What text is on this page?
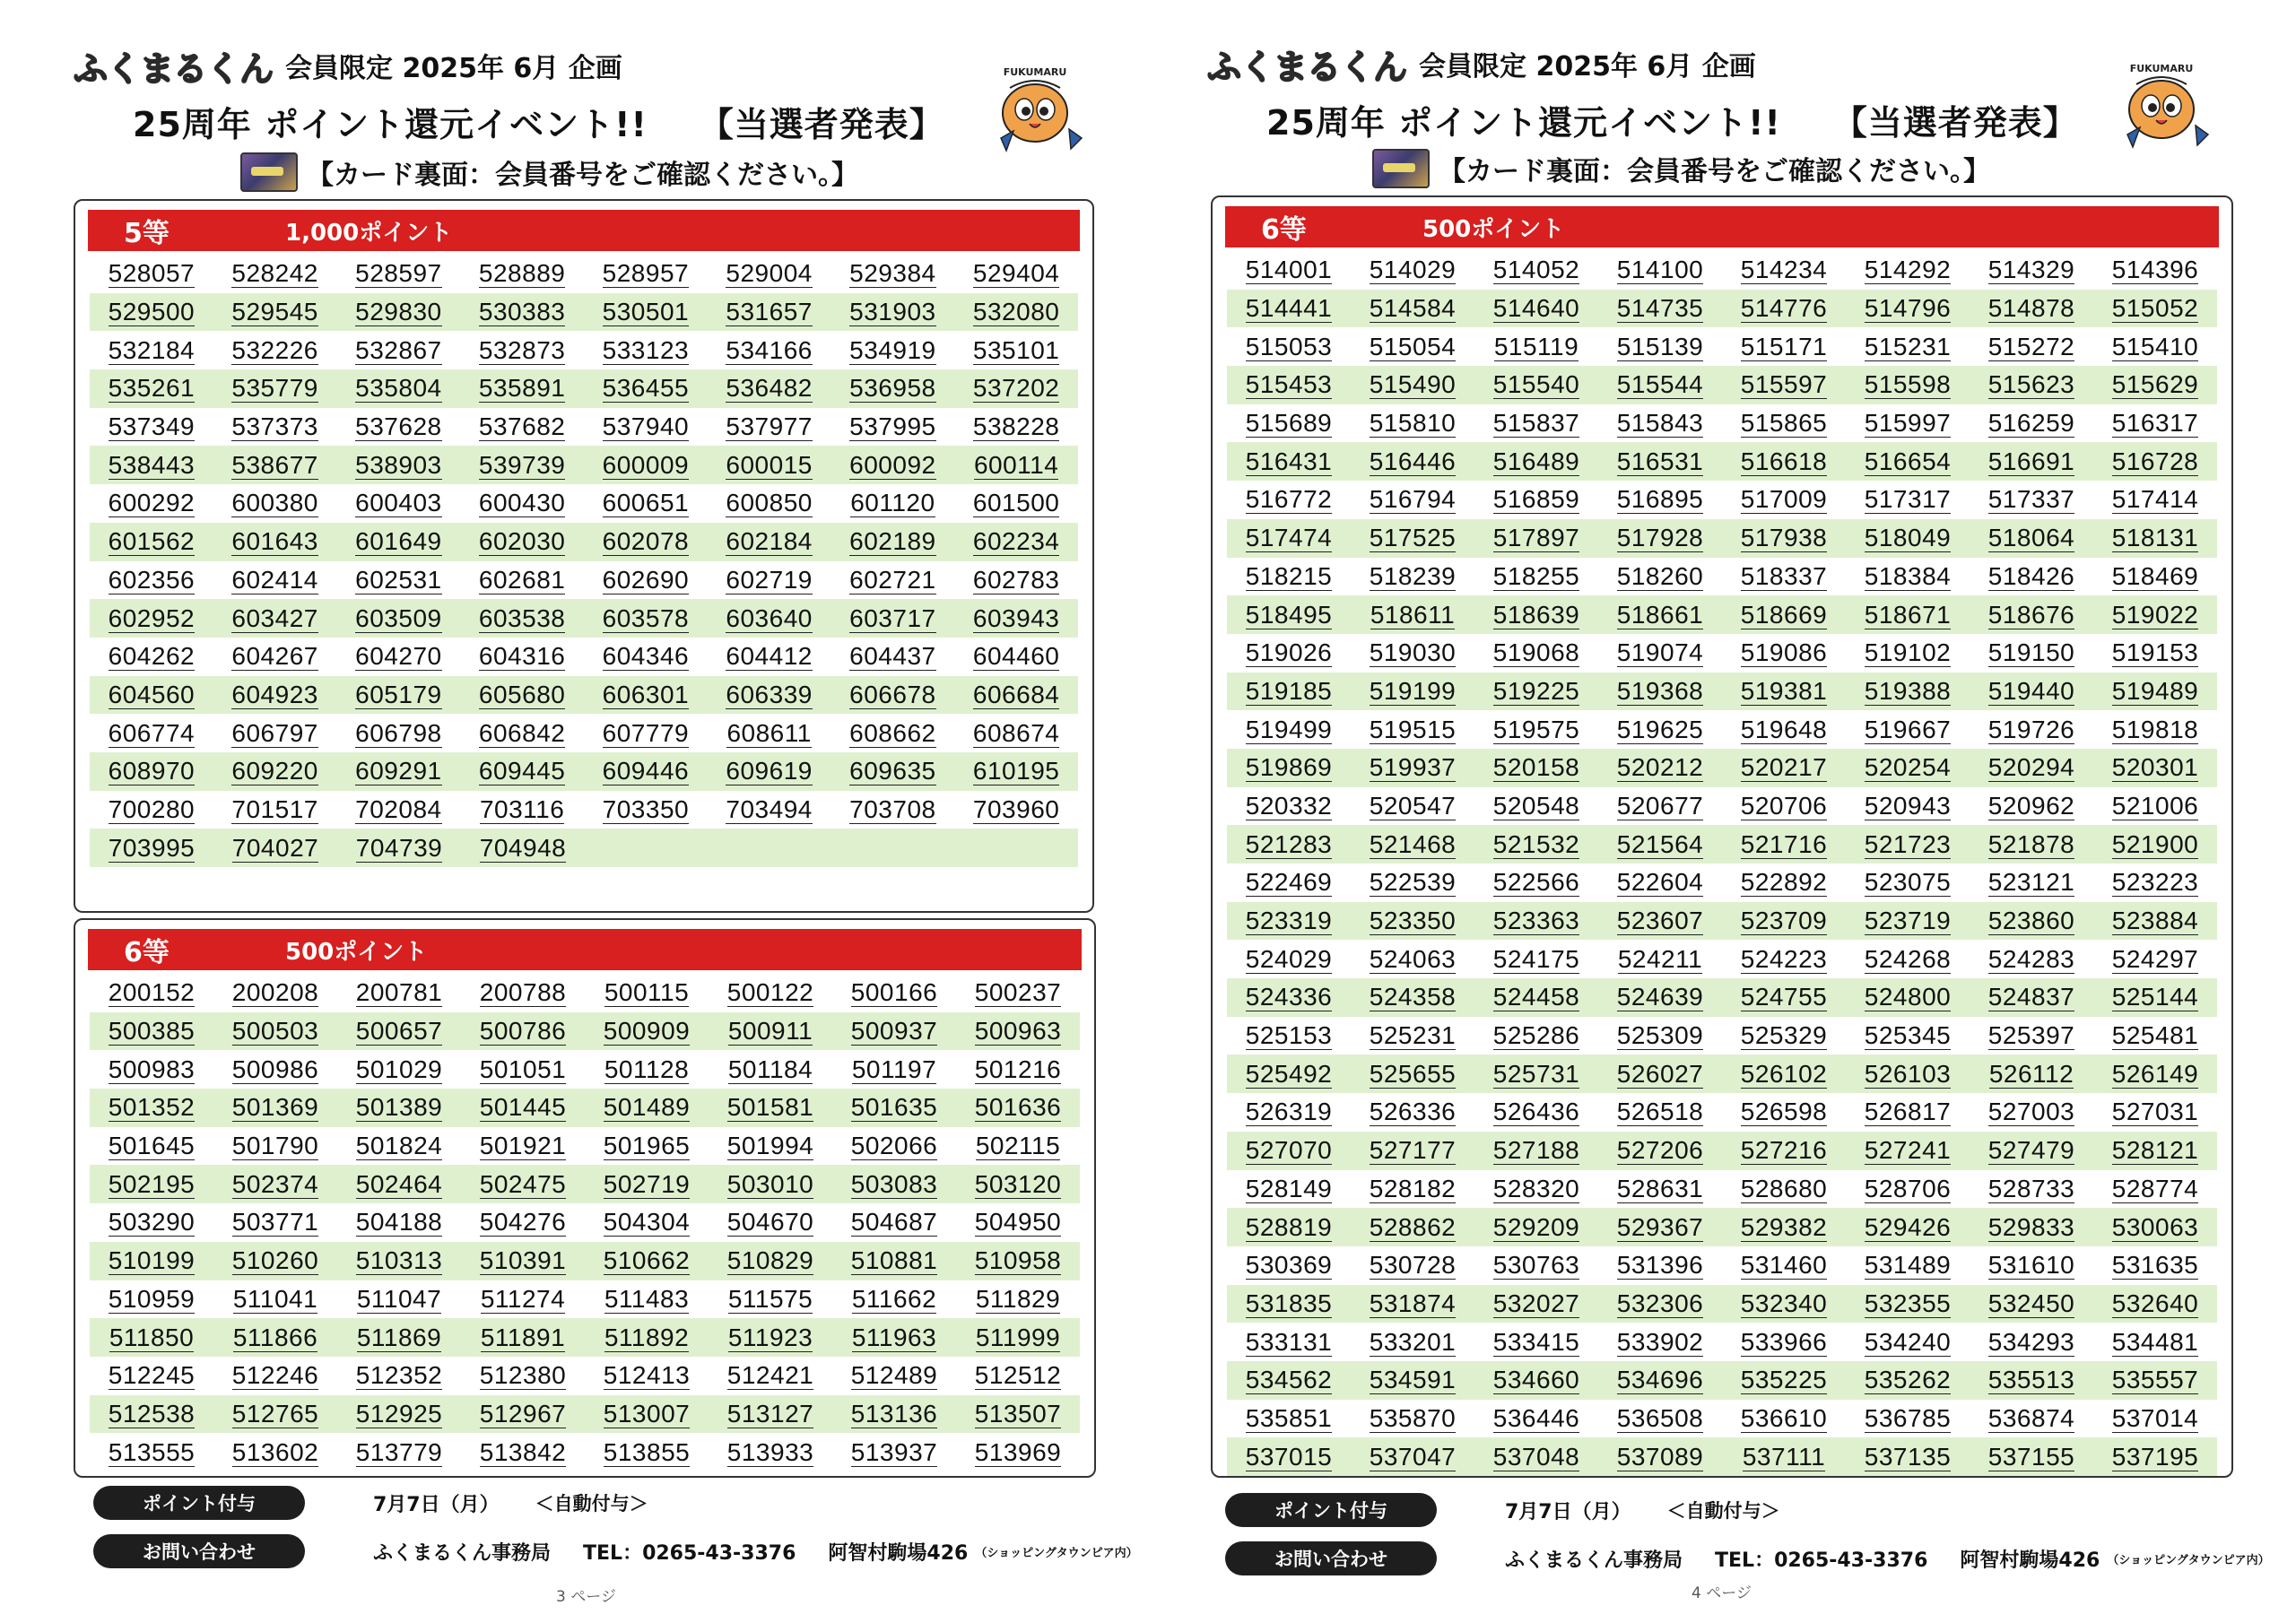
ふくまるくん 会員限定 2025年 6月 企画
25周年 ポイント還元イベント!! 【当選者発表】
【カード裏面：会員番号をご確認ください。】
FUKUMARU
5等	1,000ポイント
528057	528242	528597	528889	528957	529004	529384	529404
529500	529545	529830	530383	530501	531657	531903	532080
532184	532226	532867	532873	533123	534166	534919	535101
535261	535779	535804	535891	536455	536482	536958	537202
537349	537373	537628	537682	537940	537977	537995	538228
538443	538677	538903	539739	600009	600015	600092	600114
600292	600380	600403	600430	600651	600850	601120	601500
601562	601643	601649	602030	602078	602184	602189	602234
602356	602414	602531	602681	602690	602719	602721	602783
602952	603427	603509	603538	603578	603640	603717	603943
604262	604267	604270	604316	604346	604412	604437	604460
604560	604923	605179	605680	606301	606339	606678	606684
606774	606797	606798	606842	607779	608611	608662	608674
608970	609220	609291	609445	609446	609619	609635	610195
700280	701517	702084	703116	703350	703494	703708	703960
703995	704027	704739	704948
6等	500ポイント
200152	200208	200781	200788	500115	500122	500166	500237
500385	500503	500657	500786	500909	500911	500937	500963
500983	500986	501029	501051	501128	501184	501197	501216
501352	501369	501389	501445	501489	501581	501635	501636
501645	501790	501824	501921	501965	501994	502066	502115
502195	502374	502464	502475	502719	503010	503083	503120
503290	503771	504188	504276	504304	504670	504687	504950
510199	510260	510313	510391	510662	510829	510881	510958
510959	511041	511047	511274	511483	511575	511662	511829
511850	511866	511869	511891	511892	511923	511963	511999
512245	512246	512352	512380	512413	512421	512489	512512
512538	512765	512925	512967	513007	513127	513136	513507
513555	513602	513779	513842	513855	513933	513937	513969
ポイント付与	7月7日（月） ＜自動付与＞
お問い合わせ	ふくまるくん事務局 TEL：0265-43-3376 阿智村駒場426 （ショッピングタウンピア内）
3 ページ
ふくまるくん 会員限定 2025年 6月 企画
25周年 ポイント還元イベント!! 【当選者発表】
【カード裏面：会員番号をご確認ください。】
FUKUMARU
6等	500ポイント
514001	514029	514052	514100	514234	514292	514329	514396
514441	514584	514640	514735	514776	514796	514878	515052
515053	515054	515119	515139	515171	515231	515272	515410
515453	515490	515540	515544	515597	515598	515623	515629
515689	515810	515837	515843	515865	515997	516259	516317
516431	516446	516489	516531	516618	516654	516691	516728
516772	516794	516859	516895	517009	517317	517337	517414
517474	517525	517897	517928	517938	518049	518064	518131
518215	518239	518255	518260	518337	518384	518426	518469
518495	518611	518639	518661	518669	518671	518676	519022
519026	519030	519068	519074	519086	519102	519150	519153
519185	519199	519225	519368	519381	519388	519440	519489
519499	519515	519575	519625	519648	519667	519726	519818
519869	519937	520158	520212	520217	520254	520294	520301
520332	520547	520548	520677	520706	520943	520962	521006
521283	521468	521532	521564	521716	521723	521878	521900
522469	522539	522566	522604	522892	523075	523121	523223
523319	523350	523363	523607	523709	523719	523860	523884
524029	524063	524175	524211	524223	524268	524283	524297
524336	524358	524458	524639	524755	524800	524837	525144
525153	525231	525286	525309	525329	525345	525397	525481
525492	525655	525731	526027	526102	526103	526112	526149
526319	526336	526436	526518	526598	526817	527003	527031
527070	527177	527188	527206	527216	527241	527479	528121
528149	528182	528320	528631	528680	528706	528733	528774
528819	528862	529209	529367	529382	529426	529833	530063
530369	530728	530763	531396	531460	531489	531610	531635
531835	531874	532027	532306	532340	532355	532450	532640
533131	533201	533415	533902	533966	534240	534293	534481
534562	534591	534660	534696	535225	535262	535513	535557
535851	535870	536446	536508	536610	536785	536874	537014
537015	537047	537048	537089	537111	537135	537155	537195
ポイント付与	7月7日（月） ＜自動付与＞
お問い合わせ	ふくまるくん事務局 TEL：0265-43-3376 阿智村駒場426 （ショッピングタウンピア内）
4 ページ
